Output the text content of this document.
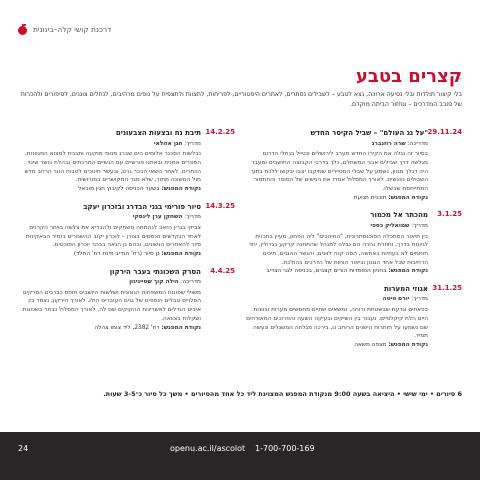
דרכנת קושי קלה–בינונית
קצרים בטבע
בלי קיצור תולדות ובלי נסיעה ארוכה, נצא לטבע – לשבילים נסתרים, לאתרים היסטוריים, לפריחות, לתצוות ולתצפית על נופים מרהיבים, לנחלים צוננים, לסיפורים ולהכרות של סובב המדרכים – ונחזור הביתה מוקדם.
29.11.24
"על גג העולם" – שביל הקיסר החדש
מדריכה: שרה רוזנברג
בסיור זה נגלה את הקירו החדש מערב לירושלים ונטייל בנחלי הדרום מגלשה דרך שבילים אבני המשתלם, נלך בדרכי הקבוצה החושבים ומעבר היה דנלך מגוון, נשמע על שבלי המטיירים שמיקבו יצבו יבקשו ללכת בתוך השבולים נפגשים. לאורך המסלול אמרו את הנישים של הסופר והחתמור המתייחסת שבשלו.
נקודת המפגש: תוכנית תנועת
3.1.25
מהכתר אל מכמור
מדריך: שמואליק כספי
בין תיאור הסתכלה הסוכנסתרונית, "החינוכים" ליה הפחון, מעיין בתכנית לגיונות בדרך, וחוזרת נהרה הם נבלה למנהל שהתחנה קרקע בגדולין, יחד חותמים לא בעתיות באחשה, הסה קנה לוונים, והגשר ההגנים, תיכים הרחיבות שכל אחד הגונון וביאור הוחות של הדרכים בהולכת.
נקודת המפגש: בחניון המוסדות הורים קצבים, בכניסה לגני הצדיב
31.1.25
אגוזי המערות
מדריך: יורם טיטה
בפאתים וגדעת שבשטחת ורוחה, נמשאים שתיים מחמשים מערות ובוונות היים הלת קיקלטיים. נעבור בין השיקים ובעיקה השעה והפרוכים המאורחים שם נשמעו על חותרות הישנים הרוחב נו, בירכה מגלחה המשגלים ונעשה תמיד.
נקודת המפגש: מצפה משאה
14.2.25
תיבת נח ובצעות הצבעונים
מדריך: חגן אזולאי
נבלשות הסכנר אלומים הים שברג מנופי מוקעה ותבניח למצוא המגוונות, הספרים אמנית ובאתנו פורשיים עם הנשיים המרכתים נבהלת כושר שינוי הכתרים. לאחר נושאי הבכר גרם, ובעשר חינוכים לטבוח הזור הרחב מדש מול המשונה מתוך, שלא מגר המקושרים במורושית.
נקודת המפגש: בשער הכניסה לקיבוץ חגין מוכאל
14.3.25
סיור פורימי בגני הבדרג ובזכרון יעקב
מדריך: השחקן ערן לינסקי
צביקי בגרין הזאב לנהמתה משחקים ולהבריא את צלשה בויתר הקרנים לאחד הנקדשים הנסמים בצורן – לוכרון יקוב ההשמרים בזמיר הבאקינות סיור להאתרים הנשונים, ובהם גן הנאה בבהר יוכרון הפוכטים.
נקודת המפגש: גן סיור (רח' הנדיב פינת רח' החלד)
4.4.25
הסרק השכונתי בעבר הירקון
מדריכה: הילה קוך שטייניגון
משולי שפונות המשפחות הגאונית ושלשות היושבים תופס כברכים הסרקים הסלויים וגבלים הוספים של גנים העוברים הולו. לאורך הירקון, נצמד בין איבים הגדלים לאשרינות ההקוקים שם לה. לאורך המסלול נבחר בשכונות ושקלות בצוואה.
נקודת המפגש: רח' 2382, ליד צומו צהלה
6 סיורים • ימי שישי • היציאה בשעה 9:00 מנקודת המפגש המצוינת ליד כל אחד מהסיורים • משך כל סיור כ־3-5 שעות.
24	openu.ac.il/ascolot 1-700-700-169
